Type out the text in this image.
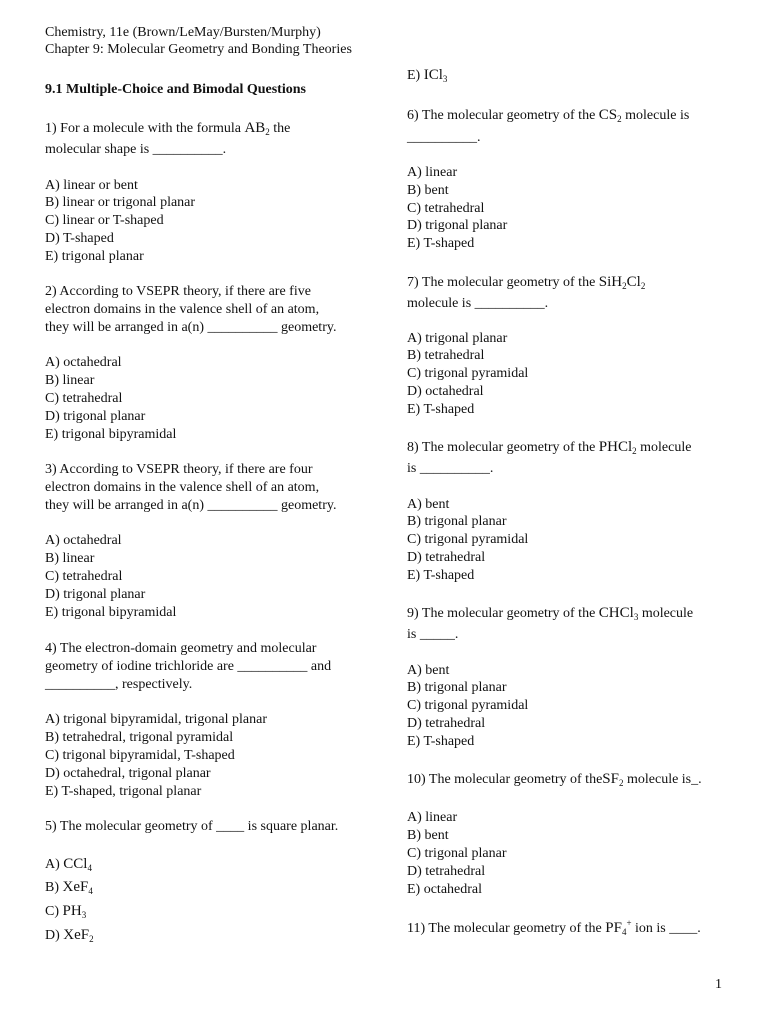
Chemistry, 11e (Brown/LeMay/Bursten/Murphy)
Chapter 9: Molecular Geometry and Bonding Theories
9.1 Multiple-Choice and Bimodal Questions
1) For a molecule with the formula $AB_2$ the
molecular shape is __________.
A) linear or bent
B) linear or trigonal planar
C) linear or T-shaped
D) T-shaped
E) trigonal planar
2) According to VSEPR theory, if there are five
electron domains in the valence shell of an atom,
they will be arranged in a(n) __________ geometry.
A) octahedral
B) linear
C) tetrahedral
D) trigonal planar
E) trigonal bipyramidal
3) According to VSEPR theory, if there are four
electron domains in the valence shell of an atom,
they will be arranged in a(n) __________ geometry.
A) octahedral
B) linear
C) tetrahedral
D) trigonal planar
E) trigonal bipyramidal
4) The electron-domain geometry and molecular
geometry of iodine trichloride are __________ and
__________, respectively.
A) trigonal bipyramidal, trigonal planar
B) tetrahedral, trigonal pyramidal
C) trigonal bipyramidal, T-shaped
D) octahedral, trigonal planar
E) T-shaped, trigonal planar
5) The molecular geometry of ____ is square planar.
A) CCl$_4$
B) XeF$_4$
C) $PH_3$
D) XeF$_2$
E) ICl$_3$
6) The molecular geometry of the $CS_2$ molecule is
__________.
A) linear
B) bent
C) tetrahedral
D) trigonal planar
E) T-shaped
7) The molecular geometry of the $SiH_2Cl_2$
molecule is __________.
A) trigonal planar
B) tetrahedral
C) trigonal pyramidal
D) octahedral
E) T-shaped
8) The molecular geometry of the PHCl$_2$ molecule
is __________.
A) bent
B) trigonal planar
C) trigonal pyramidal
D) tetrahedral
E) T-shaped
9) The molecular geometry of the CHCl$_3$ molecule
is _____.
A) bent
B) trigonal planar
C) trigonal pyramidal
D) tetrahedral
E) T-shaped
10) The molecular geometry of theSF$_2$ molecule is_.
A) linear
B) bent
C) trigonal planar
D) tetrahedral
E) octahedral
11) The molecular geometry of the $PF_4^+$ ion is ____.
1
